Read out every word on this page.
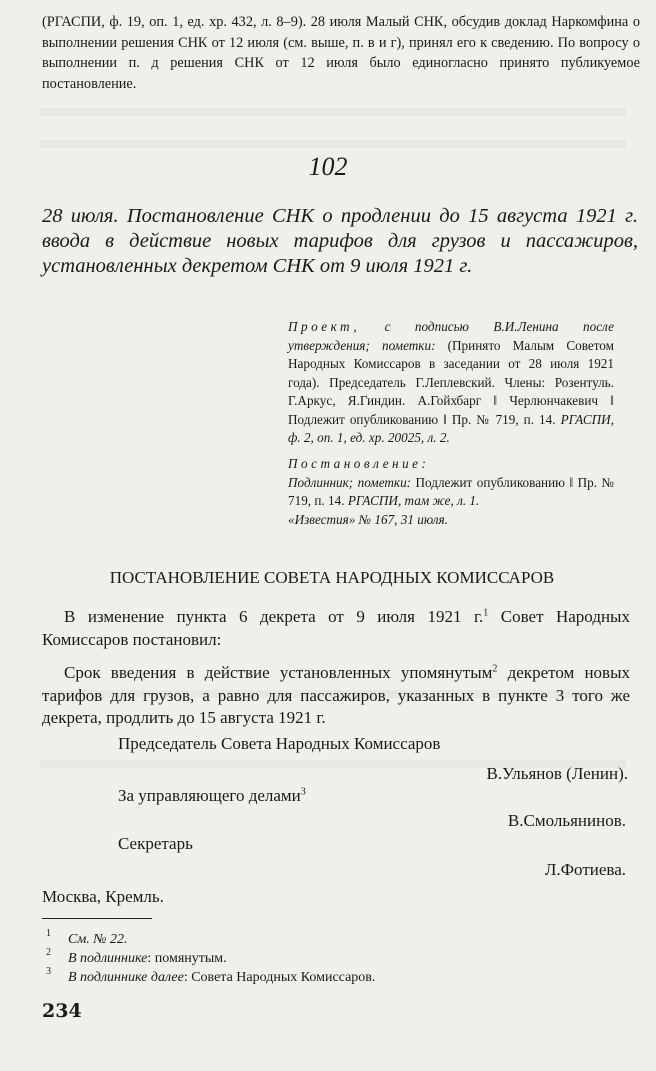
(РГАСПИ, ф. 19, оп. 1, ед. хр. 432, л. 8–9). 28 июля Малый СНК, обсудив доклад Наркомфина о выполнении решения СНК от 12 июля (см. выше, п. в и г), принял его к сведению. По вопросу о выполнении п. д решения СНК от 12 июля было единогласно принято публикуемое постановление.

102
28 июля. Постановление СНК о продлении до 15 августа 1921 г. ввода в действие новых тарифов для грузов и пассажиров, установленных декретом СНК от 9 июля 1921 г.
Проект, с подписью В.И.Ленина после утверждения; пометки: (Принято Малым Советом Народных Комиссаров в заседании от 28 июля 1921 года). Председатель Г.Леплевский. Члены: Розентуль. Г.Аркус, Я.Гиндин. А.Гойхбарг ‖ Черлюнчакевич ‖ Подлежит опубликованию ‖ Пр. № 719, п. 14. РГАСПИ, ф. 2, оп. 1, ед. хр. 20025, л. 2.
Постановление:
Подлинник; пометки: Подлежит опубликованию ‖ Пр. № 719, п. 14. РГАСПИ, там же, л. 1.
«Известия» № 167, 31 июля.
ПОСТАНОВЛЕНИЕ СОВЕТА НАРОДНЫХ КОМИССАРОВ
В изменение пункта 6 декрета от 9 июля 1921 г.$^1$ Совет Народных Комиссаров постановил:
Срок введения в действие установленных упомянутым$^2$ декретом новых тарифов для грузов, а равно для пассажиров, указанных в пункте 3 того же декрета, продлить до 15 августа 1921 г.
Председатель Совета Народных Комиссаров
В.Ульянов (Ленин).
За управляющего делами$^3$
В.Смольянинов.
Секретарь
Л.Фотиева.
Москва, Кремль.
1 См. № 22.
2 В подлиннике: помянутым.
3 В подлиннике далее: Совета Народных Комиссаров.
234
